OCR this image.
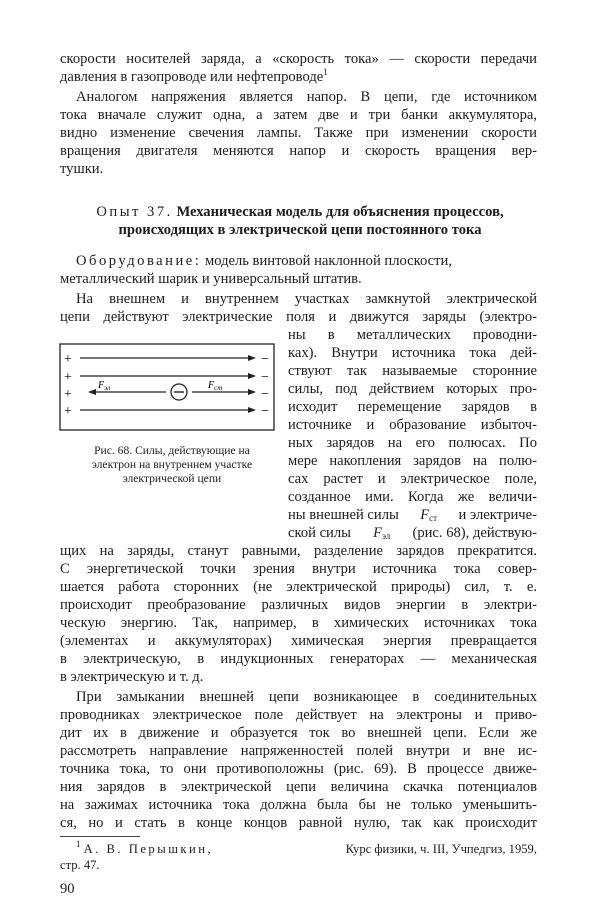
скорости носителей заряда, а «скорость тока» — скорости передачи
давления в газопроводе или нефтепроводе$^1$
Аналогом напряжения является напор. В цепи, где источником
тока вначале служит одна, а затем две и три банки аккумулятора,
видно изменение свечения лампы. Также при изменении скорости
вращения двигателя меняются напор и скорость вращения вер-
тушки.
Опыт 37. Механическая модель для объяснения процессов,
происходящих в электрической цепи постоянного тока
Оборудование: модель винтовой наклонной плоскости,
металлический шарик и универсальный штатив.
На внешнем и внутреннем участках замкнутой электрической
цепи действуют электрические поля и движутся заряды (электро-
ны в металлических проводни-
ках). Внутри источника тока дей-
ствуют так называемые сторонние
силы, под действием которых про-
исходит перемещение зарядов в
источнике и образование избыточ-
ных зарядов на его полюсах. По
мере накопления зарядов на полю-
сах растет и электрическое поле,
созданное ими. Когда же величи-
ны внешней силы $F_{ст}$ и электриче-
ской силы $F_{эл}$ (рис. 68), действую-
щих на заряды, станут равными, разделение зарядов прекратится.
С энергетической точки зрения внутри источника тока совер-
шается работа сторонних (не электрической природы) сил, т. е.
происходит преобразование различных видов энергии в электри-
ческую энергию. Так, например, в химических источниках тока
(элементах и аккумуляторах) химическая энергия превращается
в электрическую, в индукционных генераторах — механическая
в электрическую и т. д.
При замыкании внешней цепи возникающее в соединительных
проводниках электрическое поле действует на электроны и приво-
дит их в движение и образуется ток во внешней цепи. Если же
рассмотреть направление напряженностей полей внутри и вне ис-
точника тока, то они противоположны (рис. 69). В процессе движе-
ния зарядов в электрической цепи величина скачка потенциалов
на зажимах источника тока должна была бы не только уменьшить-
ся, но и стать в конце концов равной нулю, так как происходит
$^1$ А. В. Перышкин,	Курс физики, ч. III, Учпедгиз, 1959,
стр. 47.
90
+	−
+	−
+	−
$F_{эл}$	$F_{ст}$
+	−
Рис. 68. Силы, действующие на
электрон на внутреннем участке
электрической цепи
